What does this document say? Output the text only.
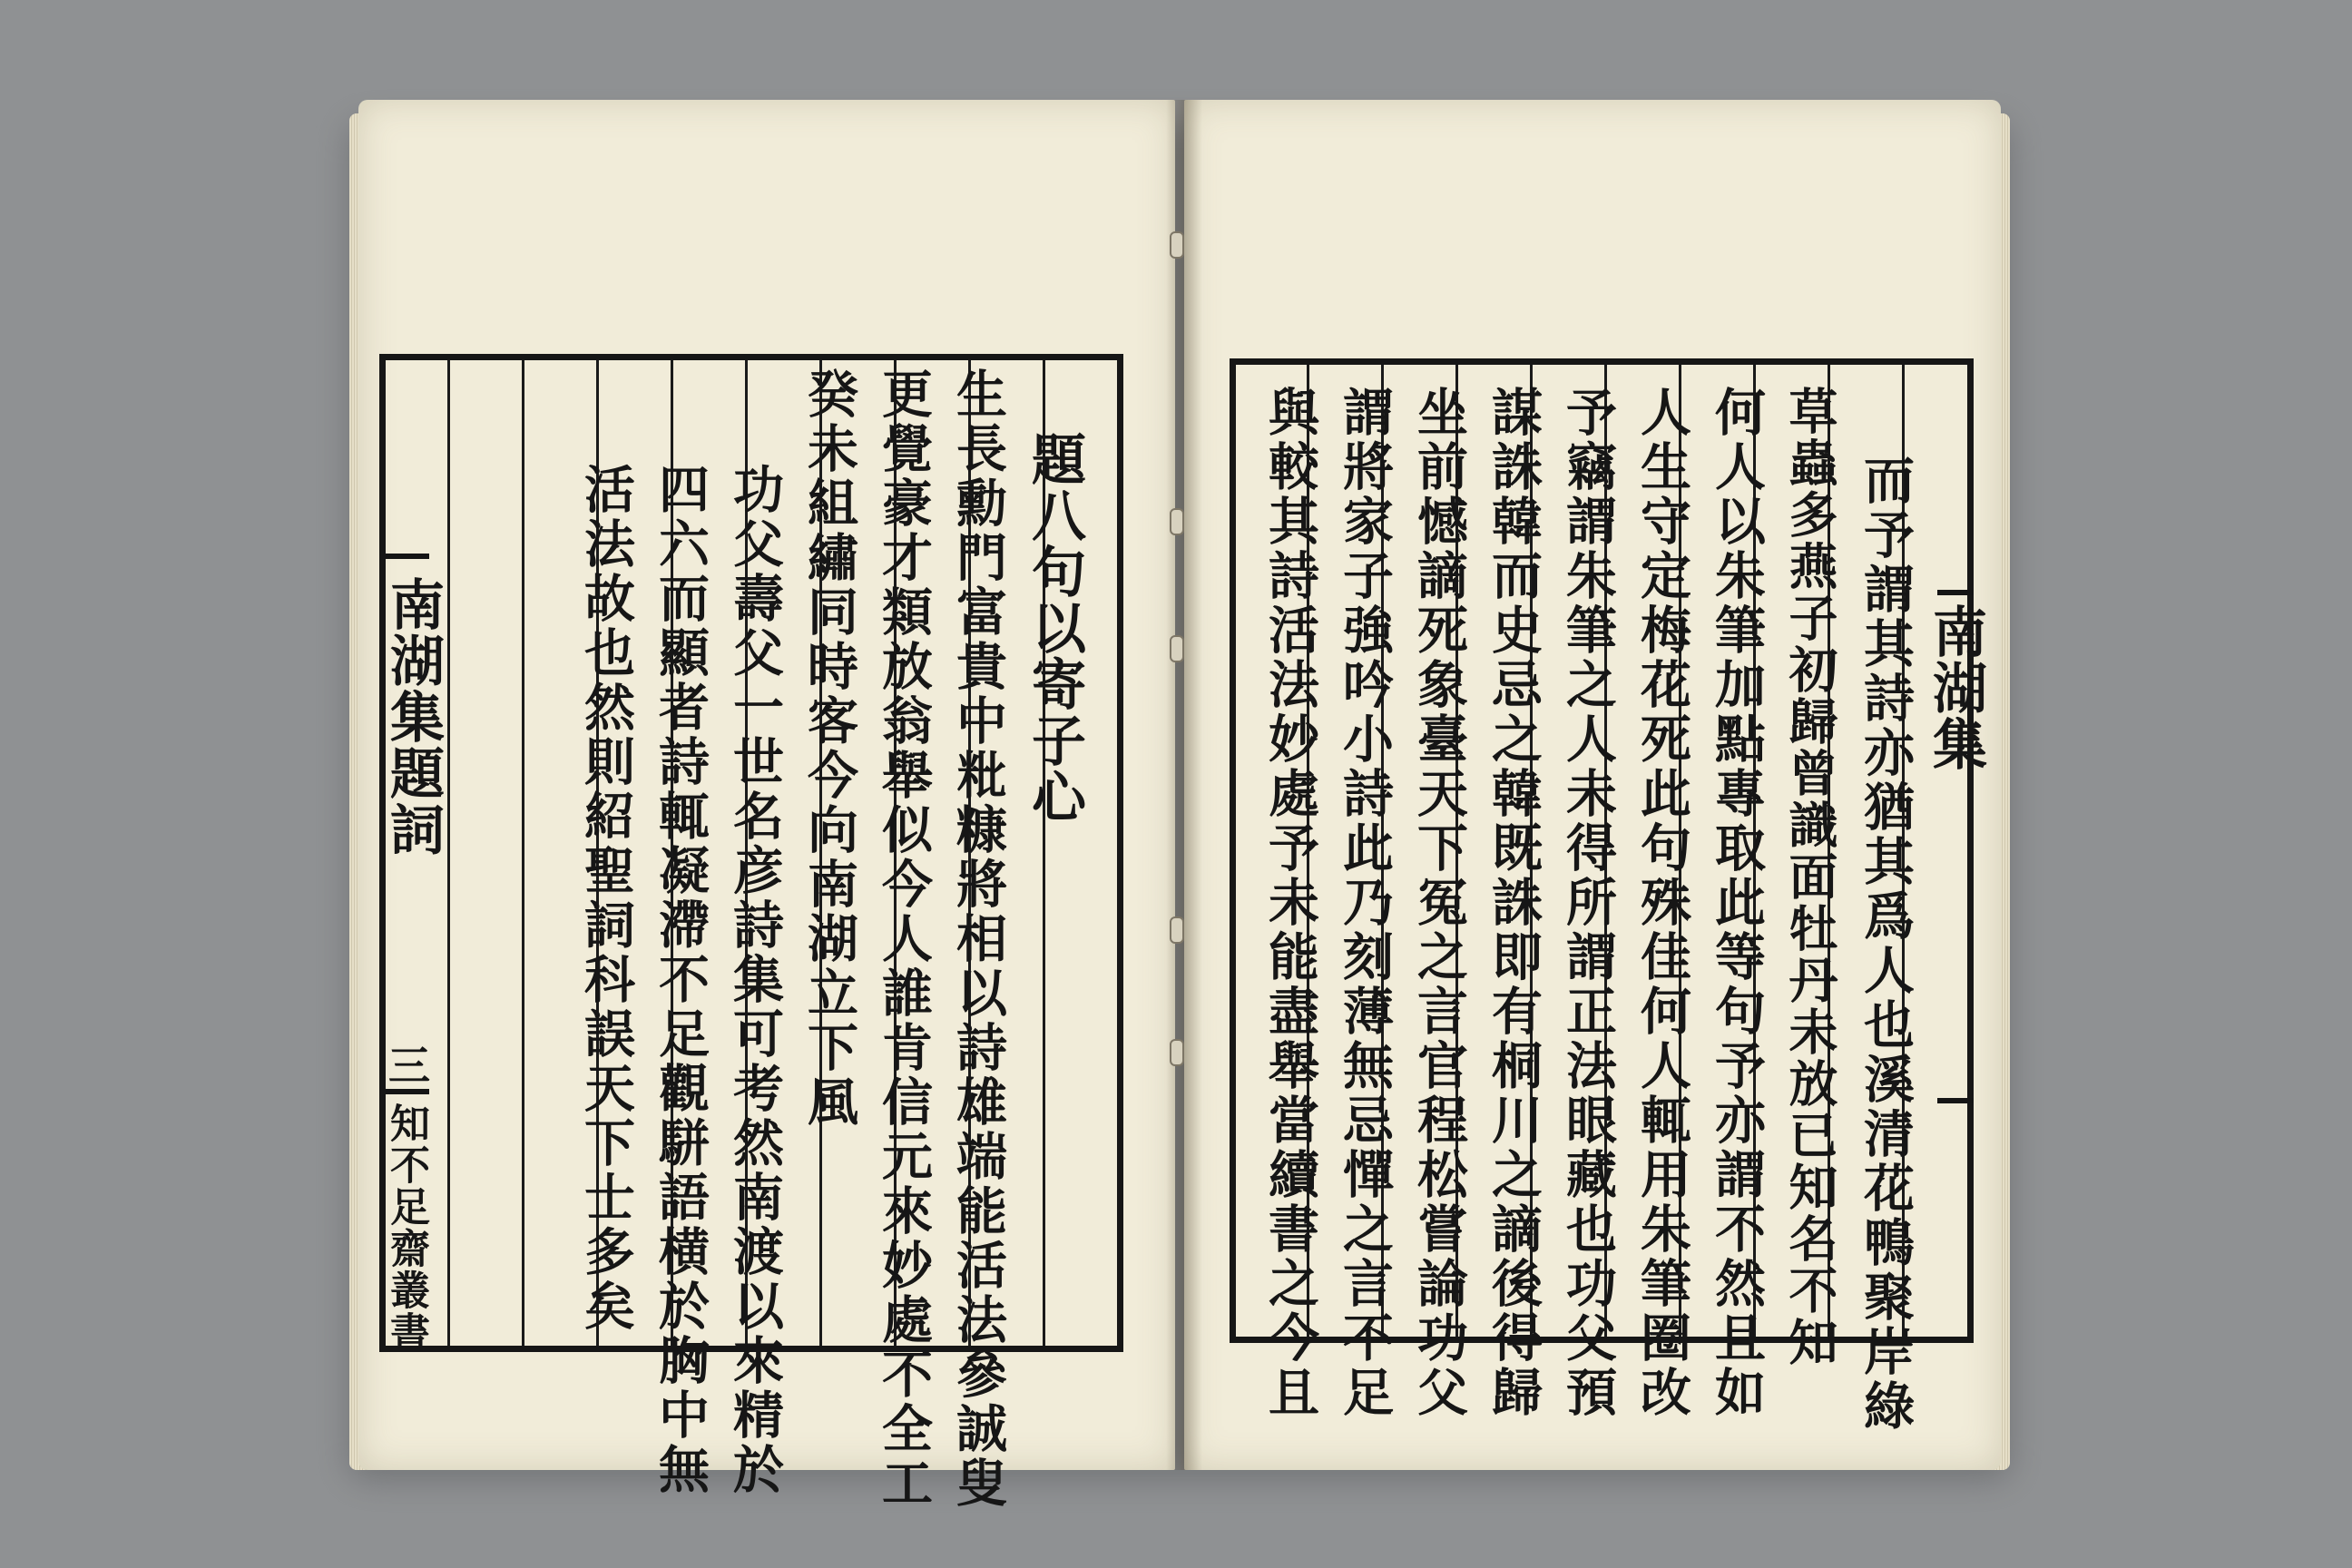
南湖集題詞
三
知不足齋叢書
題八句以寄子心
生長勳門富貴中粃糠將相以詩雄端能活法參誠叟
更覺豪才類放翁舉似今人誰肯信元來妙處不全工
癸未組繡同時客今向南湖立下風
功父壽父一世名彦詩集可考然南渡以來精於
四六而顯者詩輒凝滯不足觀駢語横於胸中無
活法故也然則紹聖詞科誤天下士多矣	南湖集
而予謂其詩亦猶其爲人也溪清花鴨聚岸綠
草蟲多燕子初歸曾識面牡丹未放已知名不知
何人以朱筆加點專取此等句予亦謂不然且如
人生守定梅花死此句殊佳何人輒用朱筆圈改
予竊謂朱筆之人未得所謂正法眼藏也功父預
謀誅韓而史忌之韓既誅即有桐川之謫後得歸
坐前憾謫死象臺天下冤之言官程松嘗論功父
謂將家子強吟小詩此乃刻薄無忌憚之言不足
與較其詩活法妙處予未能盡舉當續書之今且
